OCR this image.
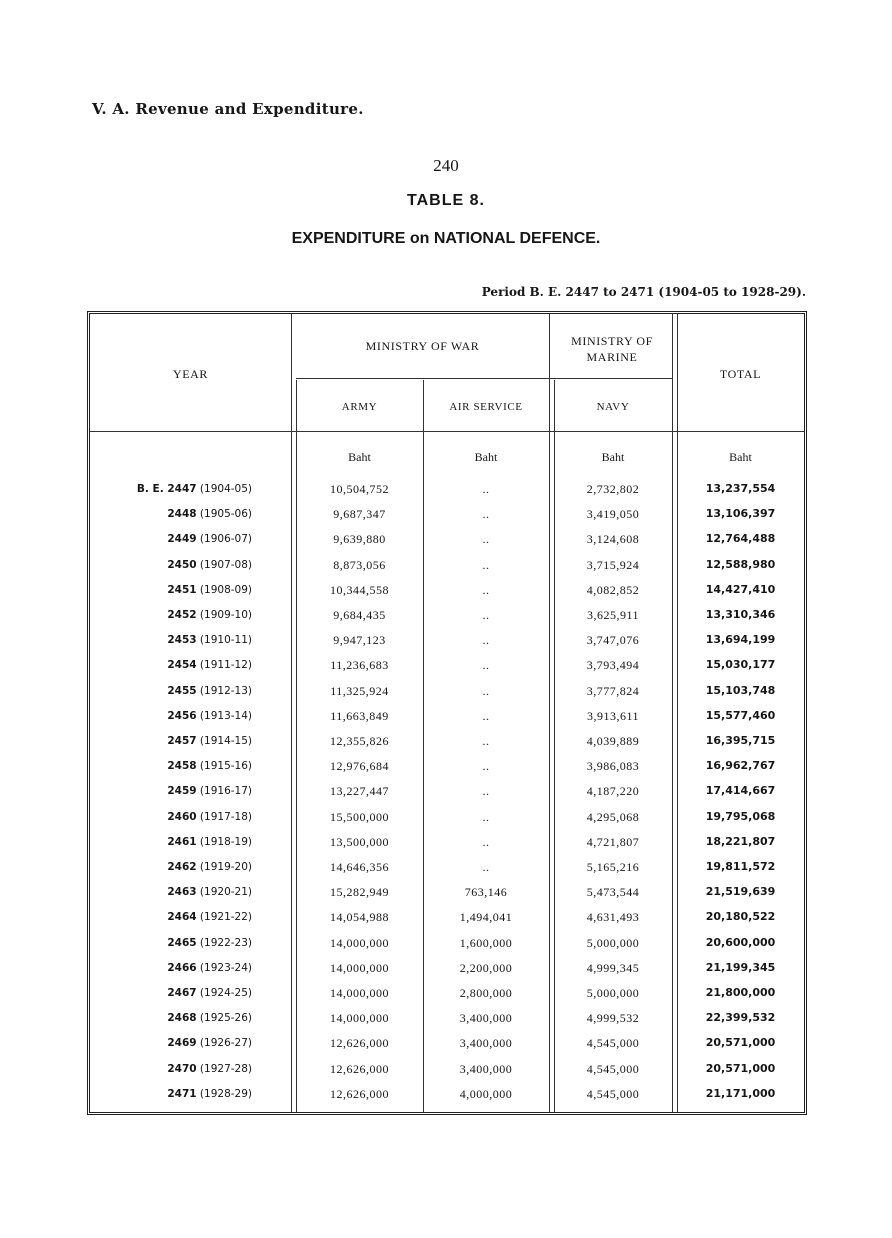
V. A. Revenue and Expenditure.
240
TABLE 8.
EXPENDITURE on NATIONAL DEFENCE.
Period B. E. 2447 to 2471 (1904-05 to 1928-29).
YEAR
MINISTRY OF WAR	MINISTRY OF MARINE
TOTAL
ARMY	AIR SERVICE	NAVY
Baht	Baht	Baht	Baht
B. E. 2447 (1904-05)	10,504,752	..	2,732,802	13,237,554
2448 (1905-06)	9,687,347	..	3,419,050	13,106,397
2449 (1906-07)	9,639,880	..	3,124,608	12,764,488
2450 (1907-08)	8,873,056	..	3,715,924	12,588,980
2451 (1908-09)	10,344,558	..	4,082,852	14,427,410
2452 (1909-10)	9,684,435	..	3,625,911	13,310,346
2453 (1910-11)	9,947,123	..	3,747,076	13,694,199
2454 (1911-12)	11,236,683	..	3,793,494	15,030,177
2455 (1912-13)	11,325,924	..	3,777,824	15,103,748
2456 (1913-14)	11,663,849	..	3,913,611	15,577,460
2457 (1914-15)	12,355,826	..	4,039,889	16,395,715
2458 (1915-16)	12,976,684	..	3,986,083	16,962,767
2459 (1916-17)	13,227,447	..	4,187,220	17,414,667
2460 (1917-18)	15,500,000	..	4,295,068	19,795,068
2461 (1918-19)	13,500,000	..	4,721,807	18,221,807
2462 (1919-20)	14,646,356	..	5,165,216	19,811,572
2463 (1920-21)	15,282,949	763,146	5,473,544	21,519,639
2464 (1921-22)	14,054,988	1,494,041	4,631,493	20,180,522
2465 (1922-23)	14,000,000	1,600,000	5,000,000	20,600,000
2466 (1923-24)	14,000,000	2,200,000	4,999,345	21,199,345
2467 (1924-25)	14,000,000	2,800,000	5,000,000	21,800,000
2468 (1925-26)	14,000,000	3,400,000	4,999,532	22,399,532
2469 (1926-27)	12,626,000	3,400,000	4,545,000	20,571,000
2470 (1927-28)	12,626,000	3,400,000	4,545,000	20,571,000
2471 (1928-29)	12,626,000	4,000,000	4,545,000	21,171,000
